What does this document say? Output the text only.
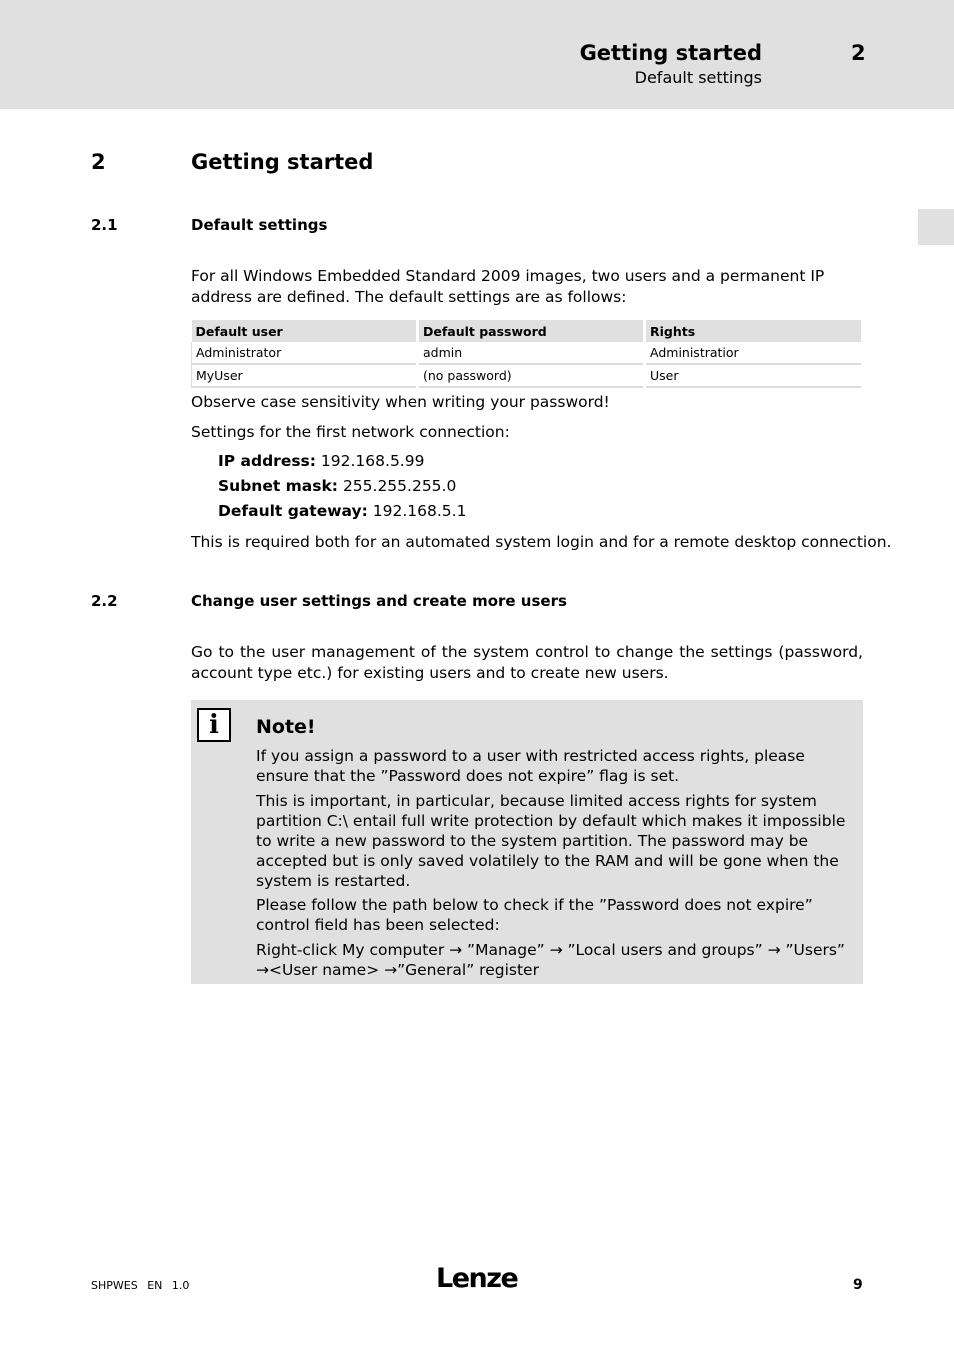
Getting started	2
Default settings
2	Getting started
2.1	Default settings
For all Windows Embedded Standard 2009 images, two users and a permanent IP address are defined. The default settings are as follows:
Default user	Default password	Rights
Administrator	admin	Administratior
MyUser	(no password)	User
Observe case sensitivity when writing your password!
Settings for the first network connection:
IP address: 192.168.5.99
Subnet mask: 255.255.255.0
Default gateway: 192.168.5.1
This is required both for an automated system login and for a remote desktop connection.
2.2	Change user settings and create more users
Go to the user management of the system control to change the settings (password, account type etc.) for existing users and to create new users.
i	Note!
If you assign a password to a user with restricted access rights, please ensure that the ”Password does not expire” flag is set.
This is important, in particular, because limited access rights for system partition C:\ entail full write protection by default which makes it impossible to write a new password to the system partition. The password may be accepted but is only saved volatilely to the RAM and will be gone when the system is restarted.
Please follow the path below to check if the ”Password does not expire” control field has been selected:
Right-click My computer → ”Manage” → ”Local users and groups” → ”Users” →<User name> →”General” register
SHPWES EN 1.0	Lenze	9
